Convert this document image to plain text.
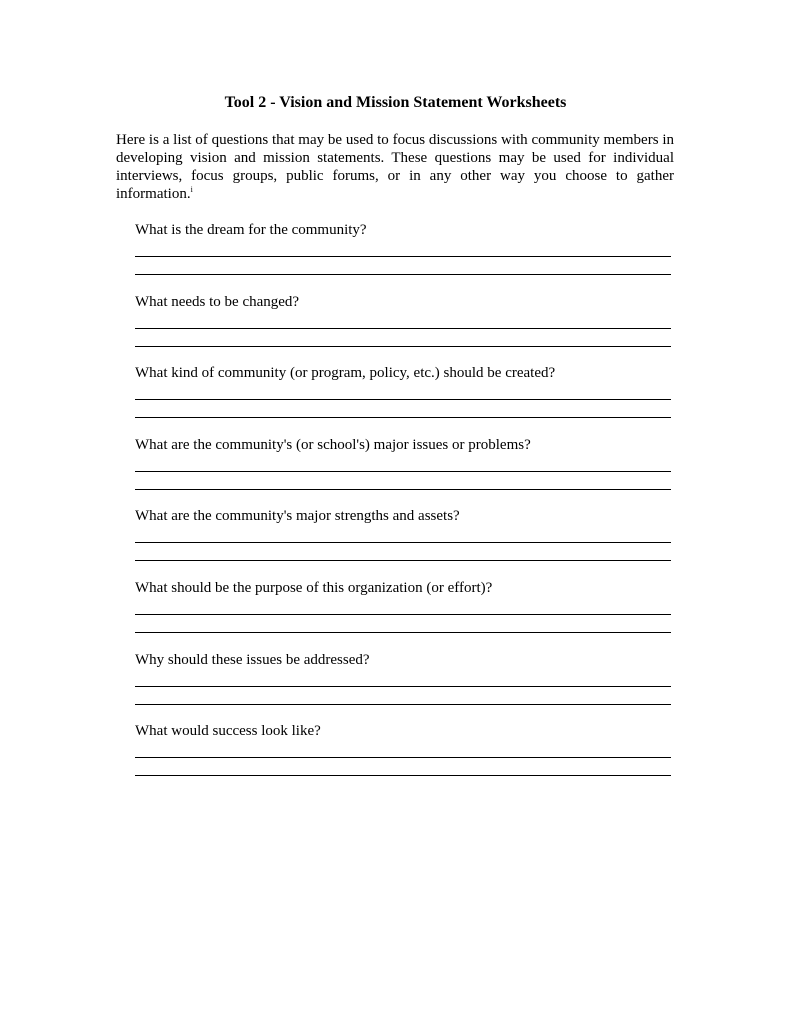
Tool 2 - Vision and Mission Statement Worksheets
Here is a list of questions that may be used to focus discussions with community members in developing vision and mission statements. These questions may be used for individual interviews, focus groups, public forums, or in any other way you choose to gather information.$^i$
What is the dream for the community?
What needs to be changed?
What kind of community (or program, policy, etc.) should be created?
What are the community's (or school's) major issues or problems?
What are the community's major strengths and assets?
What should be the purpose of this organization (or effort)?
Why should these issues be addressed?
What would success look like?
